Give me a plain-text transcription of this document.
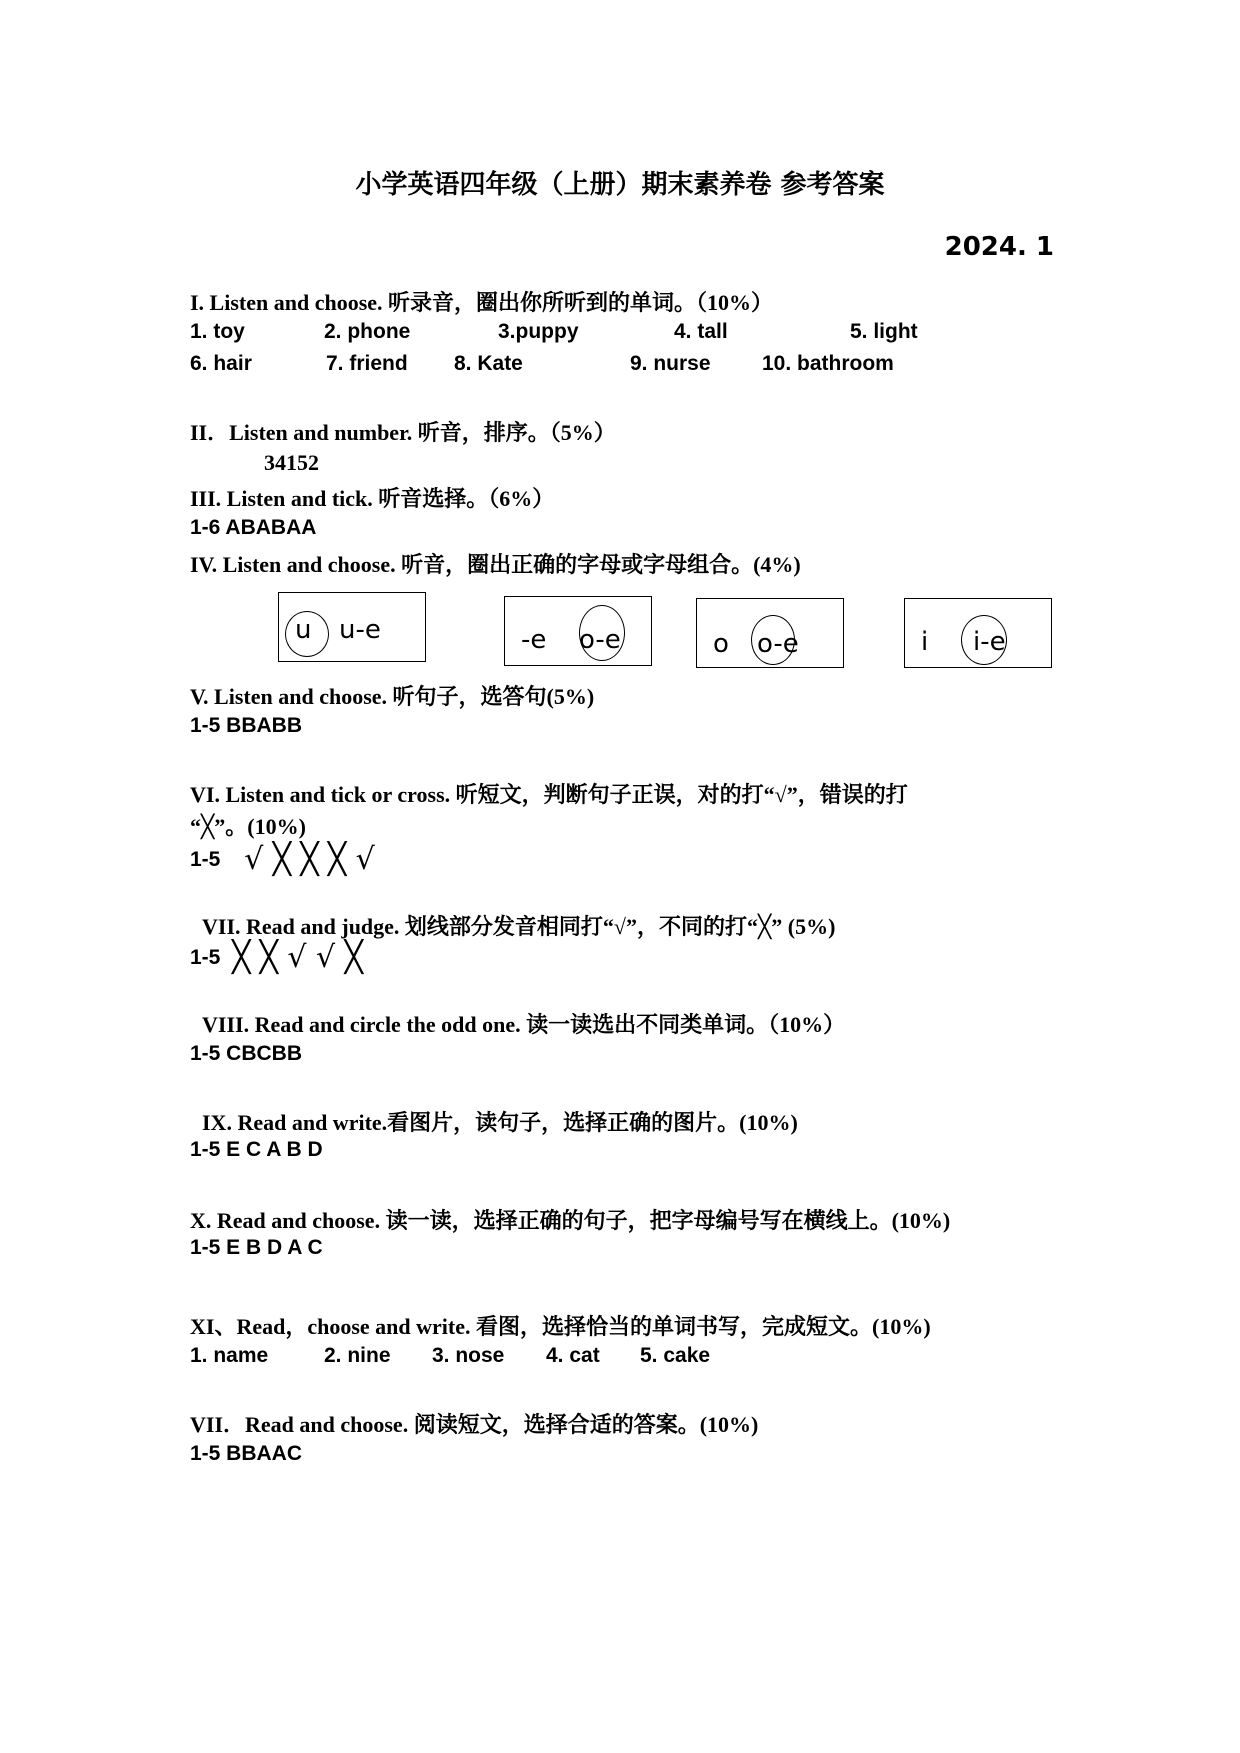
小学英语四年级（上册）期末素养卷 参考答案
2024. 1
I. Listen and choose. 听录音，圈出你所听到的单词。（10%）
1. toy	2. phone	3.puppy	4. tall	5. light
6. hair	7. friend 8. Kate	9. nurse 10. bathroom
II．Listen and number. 听音，排序。（5%）
34152
III. Listen and tick. 听音选择。（6%）
1-6 ABABAA
IV. Listen and choose. 听音，圈出正确的字母或字母组合。(4%)
u u-e	-e o-e	o o-e	i i-e
V. Listen and choose. 听句子，选答句(5%)
1-5 BBABB
VI. Listen and tick or cross. 听短文，判断句子正误，对的打“√”，错误的打
“╳”。(10%)
1-5 √ ╳ ╳ ╳ √
VII. Read and judge. 划线部分发音相同打“√”，不同的打“╳” (5%)
1-5 ╳ ╳ √ √ ╳
VIII. Read and circle the odd one. 读一读选出不同类单词。（10%）
1-5 CBCBB
IX. Read and write.看图片，读句子，选择正确的图片。(10%)
1-5 E C A B D
X. Read and choose. 读一读，选择正确的句子，把字母编号写在横线上。(10%)
1-5 E B D A C
XI、Read，choose and write. 看图，选择恰当的单词书写，完成短文。(10%)
1. name	2. nine 3. nose 4. cat 5. cake
VII．Read and choose. 阅读短文，选择合适的答案。(10%)
1-5 BBAAC
